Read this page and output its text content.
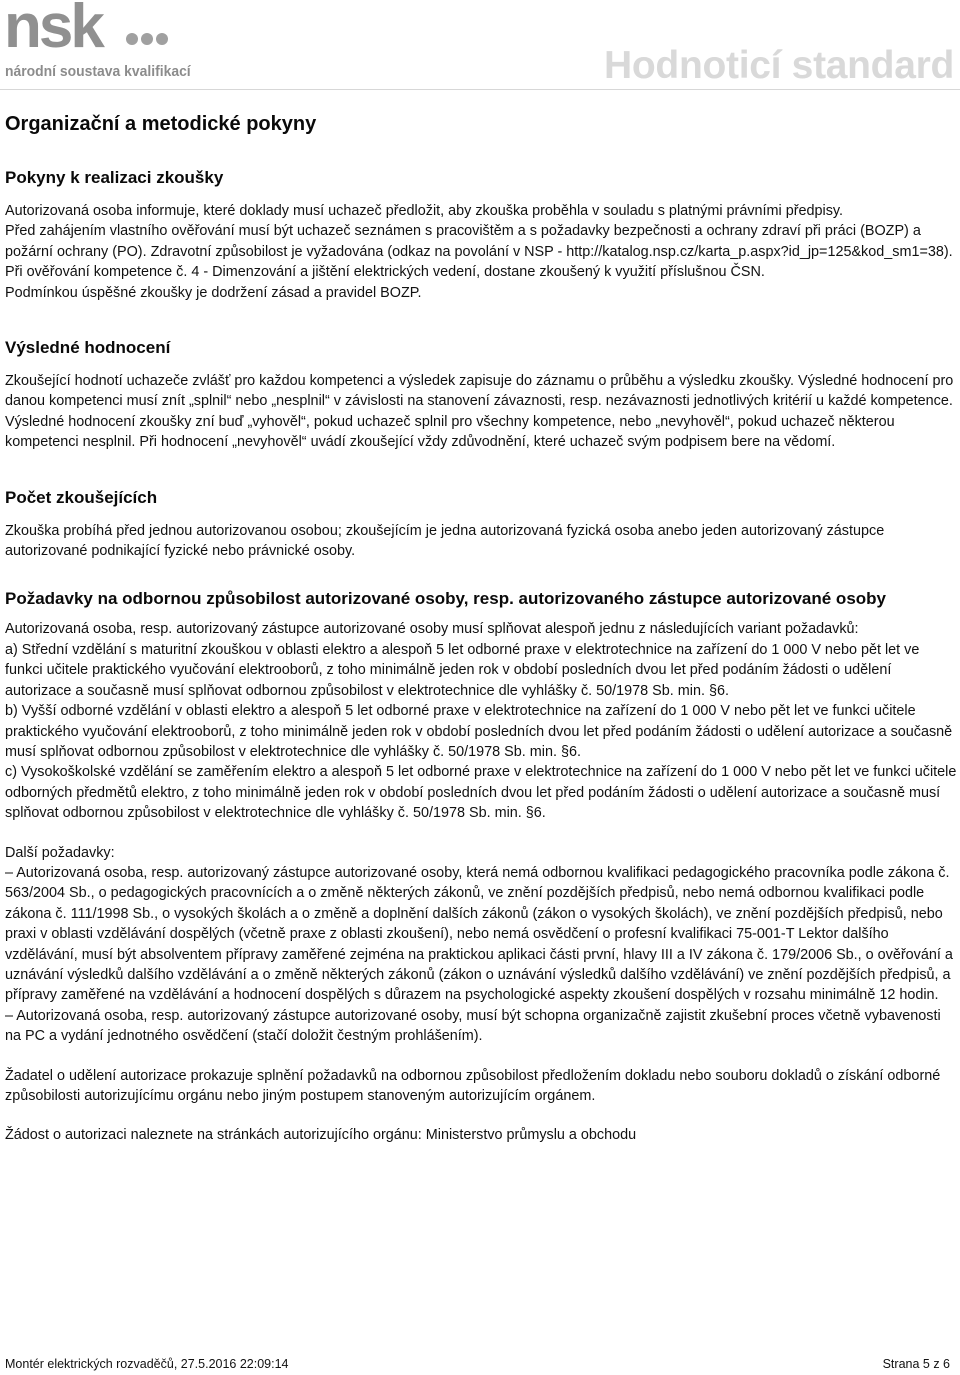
nsk
národní soustava kvalifikací	Hodnoticí standard
Organizační a metodické pokyny
Pokyny k realizaci zkoušky

Autorizovaná osoba informuje, které doklady musí uchazeč předložit, aby zkouška proběhla v souladu s platnými právními předpisy.

Před zahájením vlastního ověřování musí být uchazeč seznámen s pracovištěm a s požadavky bezpečnosti a ochrany zdraví při práci (BOZP) a požární ochrany (PO). Zdravotní způsobilost je vyžadována (odkaz na povolání v NSP - http://katalog.nsp.cz/karta_p.aspx?id_jp=125&kod_sm1=38).

Při ověřování kompetence č. 4 - Dimenzování a jištění elektrických vedení, dostane zkoušený k využití příslušnou ČSN.

Podmínkou úspěšné zkoušky je dodržení zásad a pravidel BOZP.

Výsledné hodnocení

Zkoušející hodnotí uchazeče zvlášť pro každou kompetenci a výsledek zapisuje do záznamu o průběhu a výsledku zkoušky. Výsledné hodnocení pro danou kompetenci musí znít „splnil“ nebo „nesplnil“ v závislosti na stanovení závaznosti, resp. nezávaznosti jednotlivých kritérií u každé kompetence. Výsledné hodnocení zkoušky zní buď „vyhověl“, pokud uchazeč splnil pro všechny kompetence, nebo „nevyhověl“, pokud uchazeč některou kompetenci nesplnil. Při hodnocení „nevyhověl“ uvádí zkoušející vždy zdůvodnění, které uchazeč svým podpisem bere na vědomí.

Počet zkoušejících

Zkouška probíhá před jednou autorizovanou osobou; zkoušejícím je jedna autorizovaná fyzická osoba anebo jeden autorizovaný zástupce autorizované podnikající fyzické nebo právnické osoby.

Požadavky na odbornou způsobilost autorizované osoby, resp. autorizovaného zástupce autorizované osoby

Autorizovaná osoba, resp. autorizovaný zástupce autorizované osoby musí splňovat alespoň jednu z následujících variant požadavků:

a) Střední vzdělání s maturitní zkouškou v oblasti elektro a alespoň 5 let odborné praxe v elektrotechnice na zařízení do 1 000 V nebo pět let ve funkci učitele praktického vyučování elektrooborů, z toho minimálně jeden rok v období posledních dvou let před podáním žádosti o udělení autorizace a současně musí splňovat odbornou způsobilost v elektrotechnice dle vyhlášky č. 50/1978 Sb. min. §6.

b) Vyšší odborné vzdělání v oblasti elektro a alespoň 5 let odborné praxe v elektrotechnice na zařízení do 1 000 V nebo pět let ve funkci učitele praktického vyučování elektrooborů, z toho minimálně jeden rok v období posledních dvou let před podáním žádosti o udělení autorizace a současně musí splňovat odbornou způsobilost v elektrotechnice dle vyhlášky č. 50/1978 Sb. min. §6.

c) Vysokoškolské vzdělání se zaměřením elektro a alespoň 5 let odborné praxe v elektrotechnice na zařízení do 1 000 V nebo pět let ve funkci učitele odborných předmětů elektro, z toho minimálně jeden rok v období posledních dvou let před podáním žádosti o udělení autorizace a současně musí splňovat odbornou způsobilost v elektrotechnice dle vyhlášky č. 50/1978 Sb. min. §6.

Další požadavky:

– Autorizovaná osoba, resp. autorizovaný zástupce autorizované osoby, která nemá odbornou kvalifikaci pedagogického pracovníka podle zákona č. 563/2004 Sb., o pedagogických pracovnících a o změně některých zákonů, ve znění pozdějších předpisů, nebo nemá odbornou kvalifikaci podle zákona č. 111/1998 Sb., o vysokých školách a o změně a doplnění dalších zákonů (zákon o vysokých školách), ve znění pozdějších předpisů, nebo praxi v oblasti vzdělávání dospělých (včetně praxe z oblasti zkoušení), nebo nemá osvědčení o profesní kvalifikaci 75-001-T Lektor dalšího vzdělávání, musí být absolventem přípravy zaměřené zejména na praktickou aplikaci části první, hlavy III a IV zákona č. 179/2006 Sb., o ověřování a uznávání výsledků dalšího vzdělávání a o změně některých zákonů (zákon o uznávání výsledků dalšího vzdělávání) ve znění pozdějších předpisů, a přípravy zaměřené na vzdělávání a hodnocení dospělých s důrazem na psychologické aspekty zkoušení dospělých v rozsahu minimálně 12 hodin.

– Autorizovaná osoba, resp. autorizovaný zástupce autorizované osoby, musí být schopna organizačně zajistit zkušební proces včetně vybavenosti na PC a vydání jednotného osvědčení (stačí doložit čestným prohlášením).

Žadatel o udělení autorizace prokazuje splnění požadavků na odbornou způsobilost předložením dokladu nebo souboru dokladů o získání odborné způsobilosti autorizujícímu orgánu nebo jiným postupem stanoveným autorizujícím orgánem.

Žádost o autorizaci naleznete na stránkách autorizujícího orgánu: Ministerstvo průmyslu a obchodu

Montér elektrických rozvaděčů, 27.5.2016 22:09:14	Strana 5 z 6
